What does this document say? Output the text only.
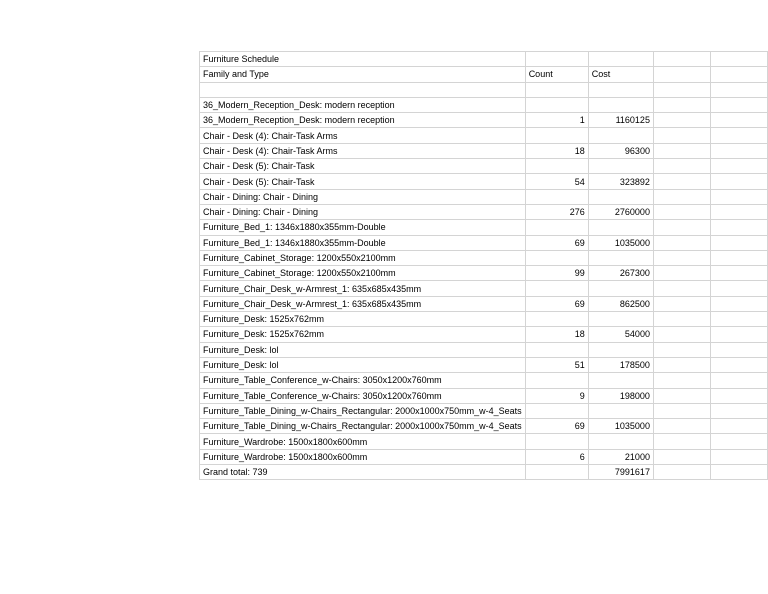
Furniture Schedule				
Family and Type	Count	Cost		

36_Modern_Reception_Desk: modern reception				
36_Modern_Reception_Desk: modern reception	1	1160125		
Chair - Desk (4): Chair-Task Arms				
Chair - Desk (4): Chair-Task Arms	18	96300		
Chair - Desk (5): Chair-Task				
Chair - Desk (5): Chair-Task	54	323892		
Chair - Dining: Chair - Dining				
Chair - Dining: Chair - Dining	276	2760000		
Furniture_Bed_1: 1346x1880x355mm-Double				
Furniture_Bed_1: 1346x1880x355mm-Double	69	1035000		
Furniture_Cabinet_Storage: 1200x550x2100mm				
Furniture_Cabinet_Storage: 1200x550x2100mm	99	267300		
Furniture_Chair_Desk_w-Armrest_1: 635x685x435mm				
Furniture_Chair_Desk_w-Armrest_1: 635x685x435mm	69	862500		
Furniture_Desk: 1525x762mm				
Furniture_Desk: 1525x762mm	18	54000		
Furniture_Desk: lol				
Furniture_Desk: lol	51	178500		
Furniture_Table_Conference_w-Chairs: 3050x1200x760mm				
Furniture_Table_Conference_w-Chairs: 3050x1200x760mm	9	198000		
Furniture_Table_Dining_w-Chairs_Rectangular: 2000x1000x750mm_w-4_Seats				
Furniture_Table_Dining_w-Chairs_Rectangular: 2000x1000x750mm_w-4_Seats	69	1035000		
Furniture_Wardrobe: 1500x1800x600mm				
Furniture_Wardrobe: 1500x1800x600mm	6	21000		
Grand total: 739		7991617		
